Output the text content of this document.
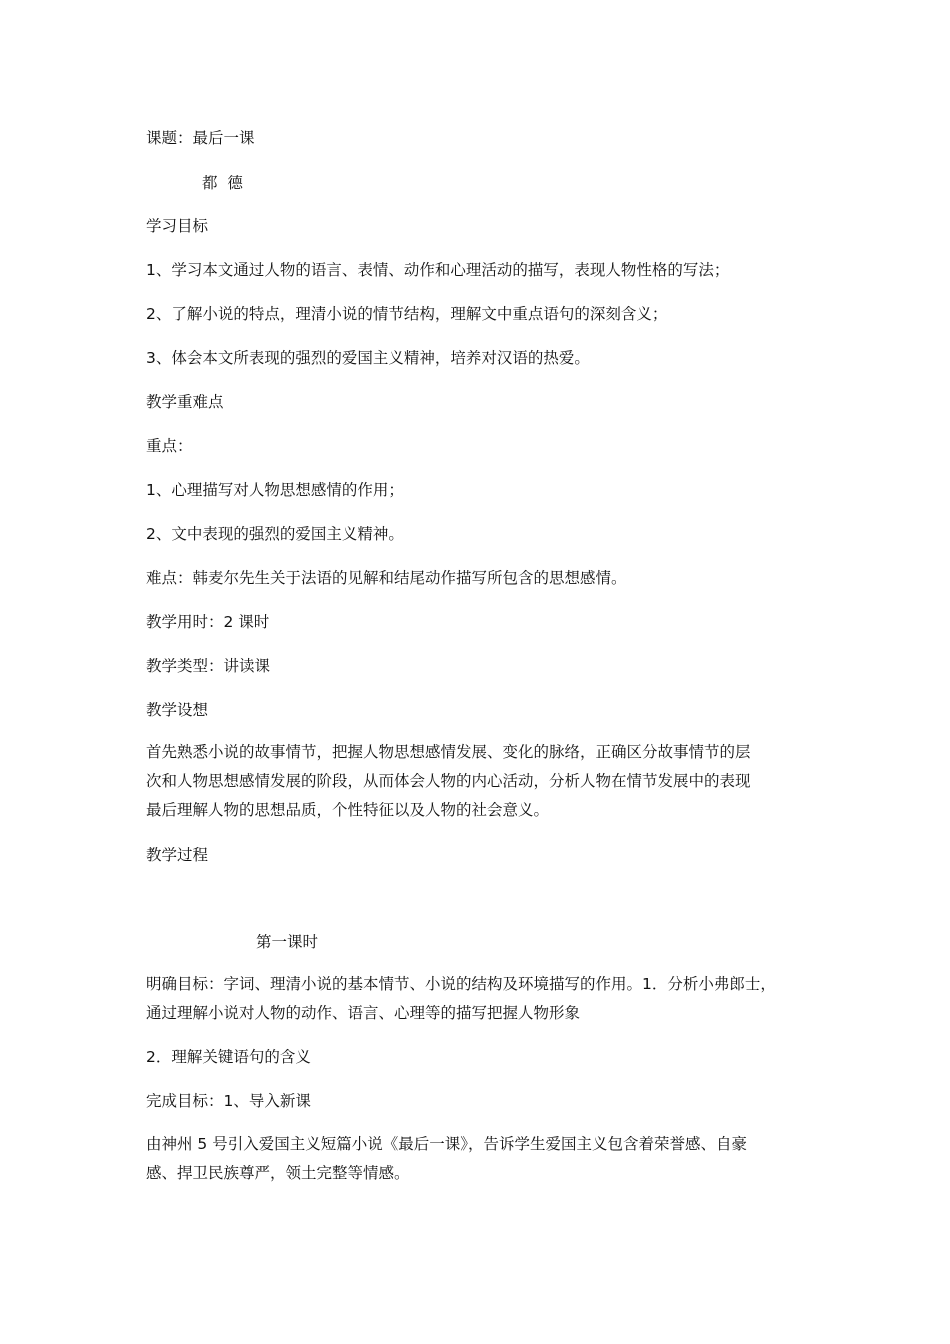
课题：最后一课
都  德
学习目标
1、学习本文通过人物的语言、表情、动作和心理活动的描写，表现人物性格的写法；
2、了解小说的特点，理清小说的情节结构，理解文中重点语句的深刻含义；
3、体会本文所表现的强烈的爱国主义精神，培养对汉语的热爱。
教学重难点
重点：
1、心理描写对人物思想感情的作用；
2、文中表现的强烈的爱国主义精神。
难点：韩麦尔先生关于法语的见解和结尾动作描写所包含的思想感情。
教学用时：2 课时
教学类型：讲读课
教学设想
首先熟悉小说的故事情节，把握人物思想感情发展、变化的脉络，正确区分故事情节的层
次和人物思想感情发展的阶段，从而体会人物的内心活动，分析人物在情节发展中的表现
最后理解人物的思想品质，个性特征以及人物的社会意义。
教学过程
第一课时
明确目标：字词、理清小说的基本情节、小说的结构及环境描写的作用。1．分析小弗郎士，
通过理解小说对人物的动作、语言、心理等的描写把握人物形象
2．理解关键语句的含义
完成目标：1、导入新课
由神州 5 号引入爱国主义短篇小说《最后一课》，告诉学生爱国主义包含着荣誉感、自豪
感、捍卫民族尊严，领土完整等情感。
